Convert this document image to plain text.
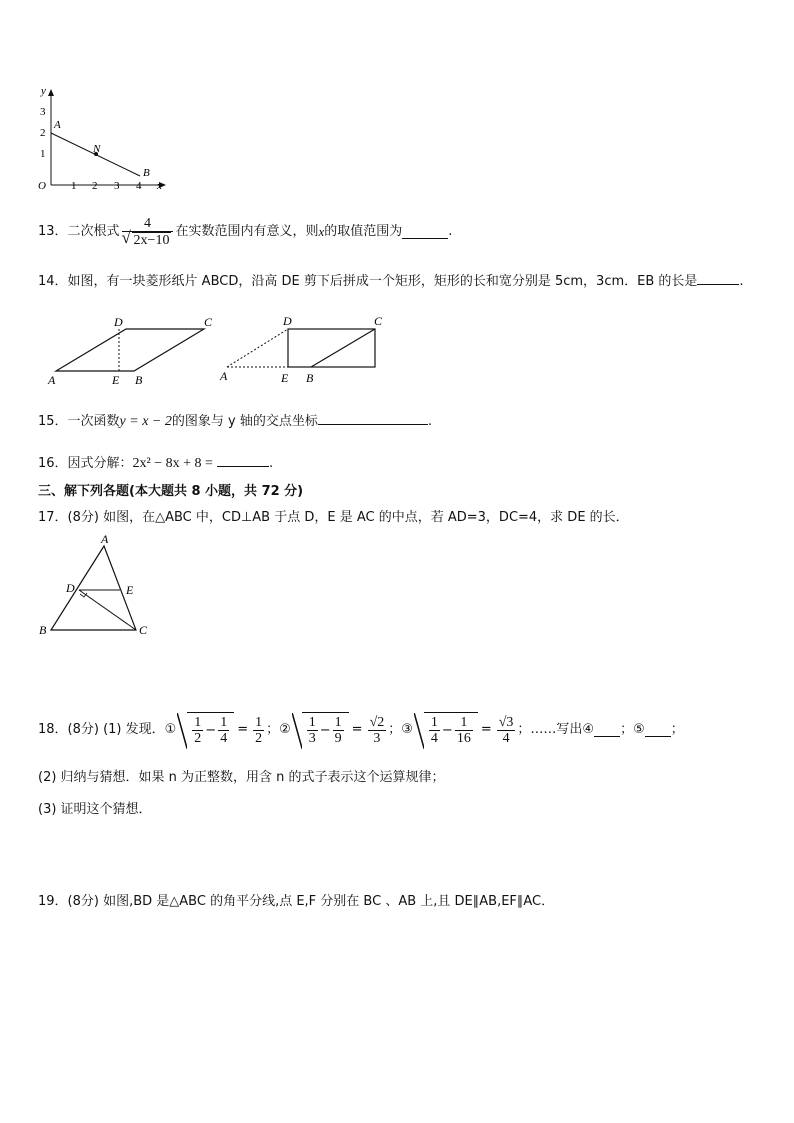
y
x
O
1
2
3
1 2 3 4
A
N
B
13．二次根式 4
√ 2x−10 在实数范围内有意义，则 x 的取值范围为	.
14．如图，有一块菱形纸片 ABCD，沿高 DE 剪下后拼成一个矩形，矩形的长和宽分别是 5cm，3cm．EB 的长是	.
A	E B
D	C
A	E B
D	C
15．一次函数y = x − 2的图象与 y 轴的交点坐标	.
16．因式分解：2x² − 8x + 8 =	.
三、解下列各题(本大题共 8 小题，共 72 分)
17．(8分) 如图，在△ABC 中，CD⊥AB 于点 D，E 是 AC 的中点，若 AD=3，DC=4，求 DE 的长．
A
D	E
B	C
18．(8分) (1) 发现．① $\frac{1}{2} - \frac{1}{4} = \frac{1}{2}$ ；② $\frac{1}{3} - \frac{1}{9} = \frac{√2}{3}$ ；③ $\frac{1}{4} - \frac{1}{16} = \frac{√3}{4}$ ；……写出④ ；⑤ ；
(2) 归纳与猜想．如果 n 为正整数，用含 n 的式子表示这个运算规律；
(3) 证明这个猜想．
19．(8分) 如图,BD 是△ABC 的角平分线,点 E,F 分别在 BC 、AB 上,且 DE∥AB,EF∥AC．
